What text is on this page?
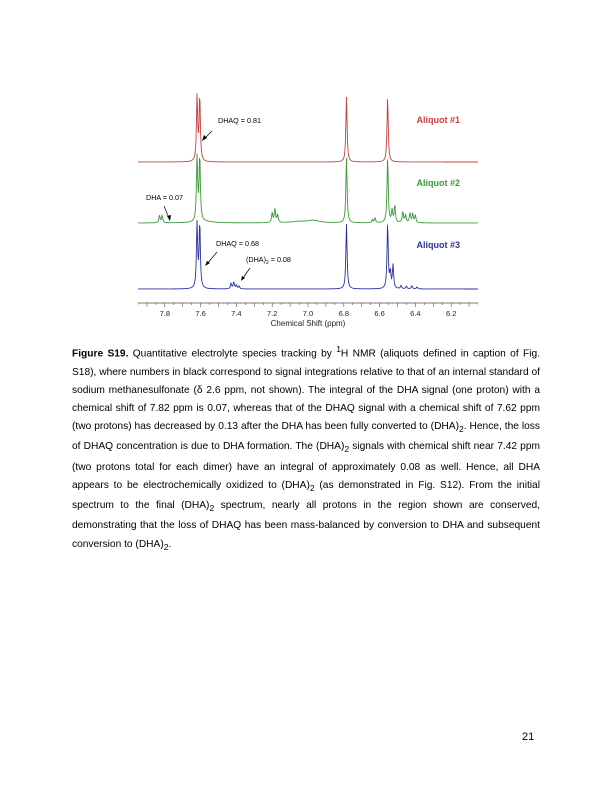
7.8	7.6	7.4	7.2	7.0	6.8	6.6	6.4	6.2
Chemical Shift (ppm)
Aliquot #1
Aliquot #2
Aliquot #3
DHAQ = 0.81
DHA = 0.07
DHAQ = 0.68
$(DHA)_2 = 0.08$

Figure S19. Quantitative electrolyte species tracking by $^1$H NMR (aliquots defined in caption of Fig. S18), where numbers in black correspond to signal integrations relative to that of an internal standard of sodium methanesulfonate (δ 2.6 ppm, not shown). The integral of the DHA signal (one proton) with a chemical shift of 7.82 ppm is 0.07, whereas that of the DHAQ signal with a chemical shift of 7.62 ppm (two protons) has decreased by 0.13 after the DHA has been fully converted to $(DHA)_2$. Hence, the loss of DHAQ concentration is due to DHA formation. The $(DHA)_2$ signals with chemical shift near 7.42 ppm (two protons total for each dimer) have an integral of approximately 0.08 as well. Hence, all DHA appears to be electrochemically oxidized to $(DHA)_2$ (as demonstrated in Fig. S12). From the initial spectrum to the final $(DHA)_2$ spectrum, nearly all protons in the region shown are conserved, demonstrating that the loss of DHAQ has been mass-balanced by conversion to DHA and subsequent conversion to $(DHA)_2$.

21
